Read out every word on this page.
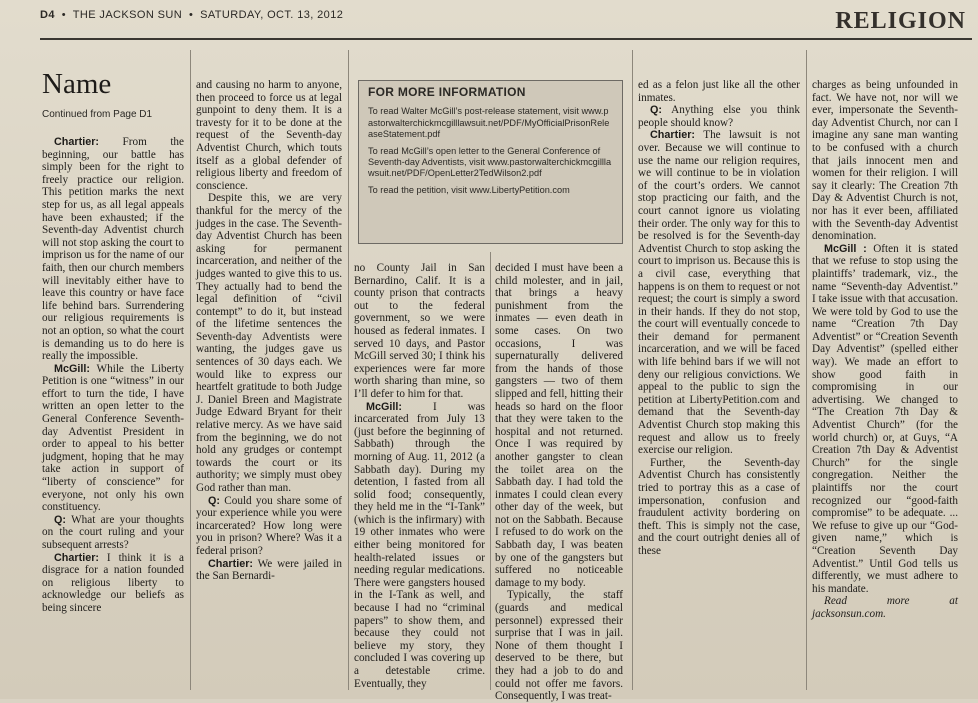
D4  •  THE JACKSON SUN  •  SATURDAY, OCT. 13, 2012	RELIGION
Name
Continued from Page D1

Chartier: From the beginning, our battle has simply been for the right to freely practice our religion. This petition marks the next step for us, as all legal appeals have been exhausted; if the Seventh-day Adventist church will not stop asking the court to imprison us for the name of our faith, then our church members will inevitably either have to leave this country or have face life behind bars. Surrendering our religious requirements is not an option, so what the court is demanding us to do here is really the impossible.

McGill: While the Liberty Petition is one “witness” in our effort to turn the tide, I have written an open letter to the General Conference Seventh-day Adventist President in order to appeal to his better judgment, hoping that he may take action in support of “liberty of conscience” for everyone, not only his own constituency.

Q: What are your thoughts on the court ruling and your subsequent arrests?

Chartier: I think it is a disgrace for a nation founded on religious liberty to acknowledge our beliefs as being sincere

and causing no harm to anyone, then proceed to force us at legal gunpoint to deny them. It is a travesty for it to be done at the request of the Seventh-day Adventist Church, which touts itself as a global defender of religious liberty and freedom of conscience.

Despite this, we are very thankful for the mercy of the judges in the case. The Seventh-day Adventist Church has been asking for permanent incarceration, and neither of the judges wanted to give this to us. They actually had to bend the legal definition of “civil contempt” to do it, but instead of the lifetime sentences the Seventh-day Adventists were wanting, the judges gave us sentences of 30 days each. We would like to express our heartfelt gratitude to both Judge J. Daniel Breen and Magistrate Judge Edward Bryant for their relative mercy. As we have said from the beginning, we do not hold any grudges or contempt towards the court or its authority; we simply must obey God rather than man.

Q: Could you share some of your experience while you were incarcerated? How long were you in prison? Where? Was it a federal prison?

Chartier: We were jailed in the San Bernardi-

FOR MORE INFORMATION

To read Walter McGill’s post-release statement, visit www.pastorwalterchickmcgilllawsuit.net/PDF/MyOfficialPrisonReleaseStatement.pdf

To read McGill’s open letter to the General Conference of Seventh-day Adventists, visit www.pastorwalterchickmcgilllawsuit.net/PDF/OpenLetter2TedWilson2.pdf

To read the petition, visit www.LibertyPetition.com

no County Jail in San Bernardino, Calif. It is a county prison that contracts out to the federal government, so we were housed as federal inmates. I served 10 days, and Pastor McGill served 30; I think his experiences were far more worth sharing than mine, so I’ll defer to him for that.

McGill: I was incarcerated from July 13 (just before the beginning of Sabbath) through the morning of Aug. 11, 2012 (a Sabbath day). During my detention, I fasted from all solid food; consequently, they held me in the “I-Tank” (which is the infirmary) with 19 other inmates who were either being monitored for health-related issues or needing regular medications. There were gangsters housed in the I-Tank as well, and because I had no “criminal papers” to show them, and because they could not believe my story, they concluded I was covering up a detestable crime. Eventually, they

decided I must have been a child molester, and in jail, that brings a heavy punishment from the inmates — even death in some cases. On two occasions, I was supernaturally delivered from the hands of those gangsters — two of them slipped and fell, hitting their heads so hard on the floor that they were taken to the hospital and not returned. Once I was required by another gangster to clean the toilet area on the Sabbath day. I had told the inmates I could clean every other day of the week, but not on the Sabbath. Because I refused to do work on the Sabbath day, I was beaten by one of the gangsters but suffered no noticeable damage to my body.

Typically, the staff (guards and medical personnel) expressed their surprise that I was in jail. None of them thought I deserved to be there, but they had a job to do and could not offer me favors. Consequently, I was treat-

ed as a felon just like all the other inmates.

Q: Anything else you think people should know?

Chartier: The lawsuit is not over. Because we will continue to use the name our religion requires, we will continue to be in violation of the court’s orders. We cannot stop practicing our faith, and the court cannot ignore us violating their order. The only way for this to be resolved is for the Seventh-day Adventist Church to stop asking the court to imprison us. Because this is a civil case, everything that happens is on them to request or not request; the court is simply a sword in their hands. If they do not stop, the court will eventually concede to their demand for permanent incarceration, and we will be faced with life behind bars if we will not deny our religious convictions. We appeal to the public to sign the petition at LibertyPetition.com and demand that the Seventh-day Adventist Church stop making this request and allow us to freely exercise our religion.

Further, the Seventh-day Adventist Church has consistently tried to portray this as a case of impersonation, confusion and fraudulent activity bordering on theft. This is simply not the case, and the court outright denies all of these

charges as being unfounded in fact. We have not, nor will we ever, impersonate the Seventh-day Adventist Church, nor can I imagine any sane man wanting to be confused with a church that jails innocent men and women for their religion. I will say it clearly: The Creation 7th Day & Adventist Church is not, nor has it ever been, affiliated with the Seventh-day Adventist denomination.

McGill : Often it is stated that we refuse to stop using the plaintiffs’ trademark, viz., the name “Seventh-day Adventist.” I take issue with that accusation. We were told by God to use the name “Creation 7th Day Adventist” or “Creation Seventh Day Adventist” (spelled either way). We made an effort to show good faith in compromising in our advertising. We changed to “The Creation 7th Day & Adventist Church” (for the world church) or, at Guys, “A Creation 7th Day & Adventist Church” for the single congregation. Neither the plaintiffs nor the court recognized our “good-faith compromise” to be adequate. ... We refuse to give up our “God-given name,” which is “Creation Seventh Day Adventist.” Until God tells us differently, we must adhere to his mandate.

Read more at jacksonsun.com.
